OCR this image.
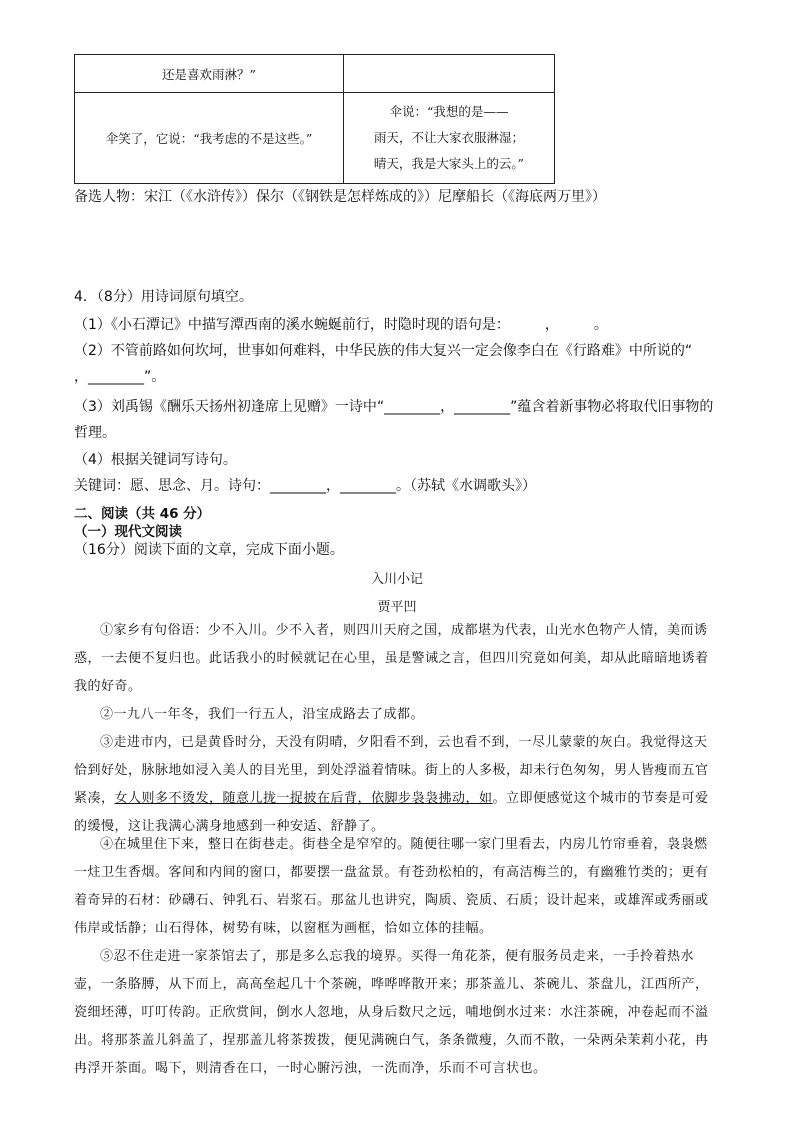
还是喜欢雨淋？”	
伞笑了，它说：“我考虑的不是这些。”	伞说：“我想的是——
雨天，不让大家衣服淋湿；
晴天，我是大家头上的云。”
备选人物：宋江（《水浒传》）保尔（《钢铁是怎样炼成的》）尼摩船长（《海底两万里》）
4．（8分）用诗词原句填空。
（1）《小石潭记》中描写潭西南的溪水蜿蜒前行，时隐时现的语句是：　　　，　　　。
（2）不管前路如何坎坷，世事如何难料，中华民族的伟大复兴一定会像李白在《行路难》中所说的“
，________”。
（3）刘禹锡《酬乐天扬州初逢席上见赠》一诗中“________，________”蕴含着新事物必将取代旧事物的
哲理。
（4）根据关键词写诗句。
关键词：愿、思念、月。诗句：________，________。（苏轼《水调歌头》）
二、阅读（共 46 分）
（一）现代文阅读
（16分）阅读下面的文章，完成下面小题。
入川小记
贾平凹
①家乡有句俗语：少不入川。少不入者，则四川天府之国，成都堪为代表，山光水色物产人情，美而诱惑，一去便不复归也。此话我小的时候就记在心里，虽是警诫之言，但四川究竟如何美，却从此暗暗地诱着我的好奇。
②一九八一年冬，我们一行五人，沿宝成路去了成都。
③走进市内，已是黄昏时分，天没有阴晴，夕阳看不到，云也看不到，一尽儿蒙蒙的灰白。我觉得这天恰到好处，脉脉地如浸入美人的目光里，到处浮溢着情味。街上的人多极，却未行色匆匆，男人皆瘦而五官紧凑，女人则多不烫发，随意儿拢一捉披在后背，依脚步袅袅拂动，如。立即便感觉这个城市的节奏是可爱的缓慢，这让我满心满身地感到一种安适、舒静了。
④在城里住下来，整日在街巷走。街巷全是窄窄的。随便往哪一家门里看去，内房儿竹帘垂着，袅袅燃一炷卫生香烟。客间和内间的窗口，都要摆一盘盆景。有苍劲松柏的，有高洁梅兰的，有幽雅竹类的；更有着奇异的石材：砂礴石、钟乳石、岩浆石。那盆儿也讲究，陶质、瓷质、石质；设计起来，或雄浑或秀丽或伟岸或恬静；山石得体，树势有味，以窗框为画框，恰如立体的挂幅。
⑤忍不住走进一家茶馆去了，那是多么忘我的境界。买得一角花茶，便有服务员走来，一手拎着热水壶，一条胳膊，从下而上，高高垒起几十个茶碗，哗哗哗散开来；那茶盖儿、茶碗儿、茶盘儿，江西所产，瓷细坯薄，叮叮传韵。正欣赏间，倒水人忽地，从身后数尺之远，哺地倒水过来：水注茶碗，冲卷起而不溢出。将那茶盖儿斜盖了，捏那盖儿将茶拨拨，便见满碗白气，条条微瘦，久而不散，一朵两朵茉莉小花，冉冉浮开茶面。喝下，则清香在口，一时心腑污浊，一洗而净，乐而不可言状也。
